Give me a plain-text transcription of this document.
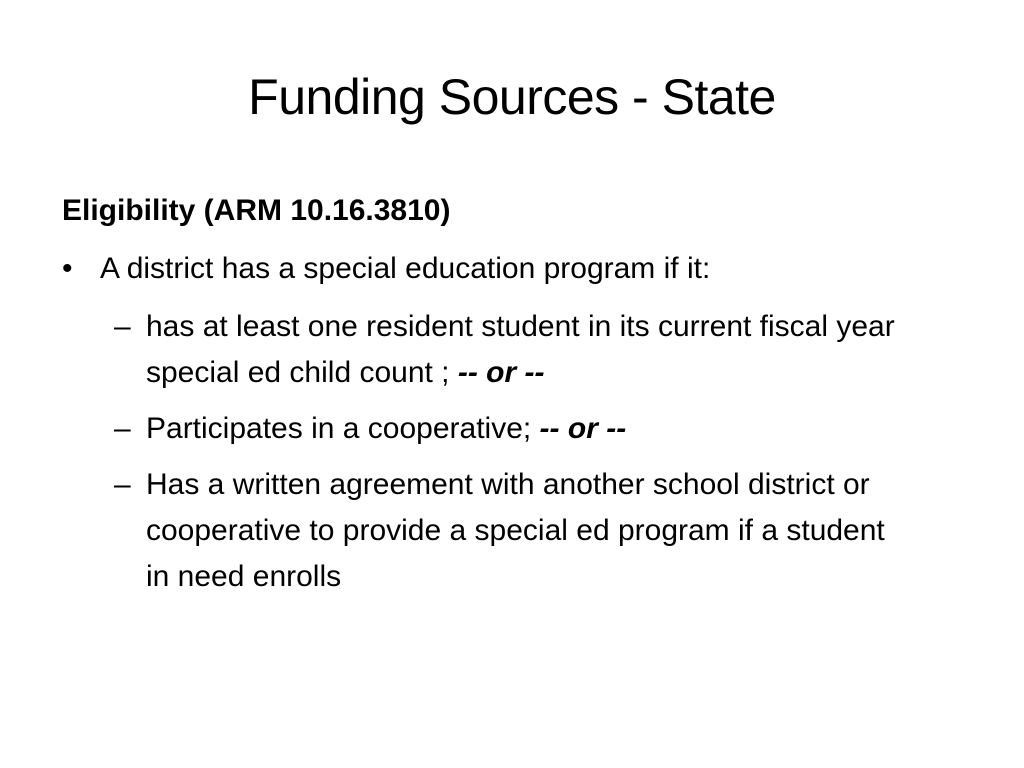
Funding Sources - State
Eligibility (ARM 10.16.3810)
• A district has a special education program if it:
– has at least one resident student in its current fiscal year special ed child count ; -- or --
– Participates in a cooperative; -- or --
– Has a written agreement with another school district or cooperative to provide a special ed program if a student in need enrolls
